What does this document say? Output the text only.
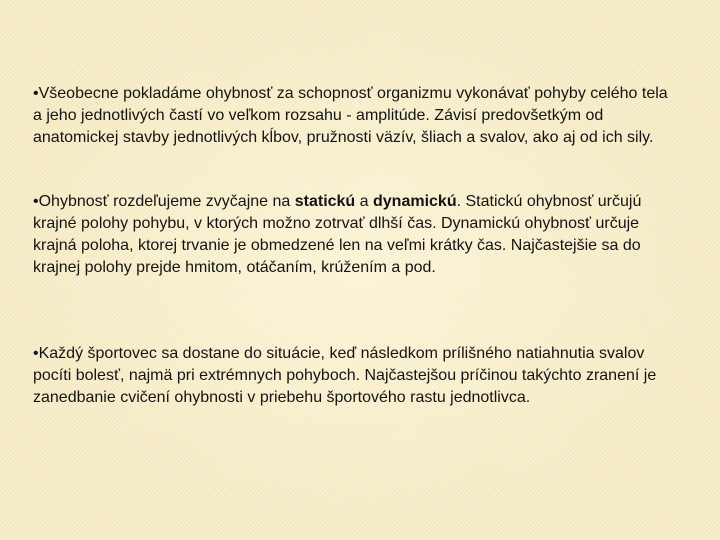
•Všeobecne pokladáme ohybnosť za schopnosť organizmu vykonávať pohyby celého tela a jeho jednotlivých častí vo veľkom rozsahu - amplitúde. Závisí predovšetkým od anatomickej stavby jednotlivých kĺbov, pružnosti väzív, šliach a svalov, ako aj od ich sily.

•Ohybnosť rozdeľujeme zvyčajne na statickú a dynamickú. Statickú ohybnosť určujú krajné polohy pohybu, v ktorých možno zotrvať dlhší čas. Dynamickú ohybnosť určuje krajná poloha, ktorej trvanie je obmedzené len na veľmi krátky čas. Najčastejšie sa do krajnej polohy prejde hmitom, otáčaním, krúžením a pod.

•Každý športovec sa dostane do situácie, keď následkom prílišného natiahnutia svalov pocíti bolesť, najmä pri extrémnych pohyboch. Najčastejšou príčinou takýchto zranení je zanedbanie cvičení ohybnosti v priebehu športového rastu jednotlivca.
